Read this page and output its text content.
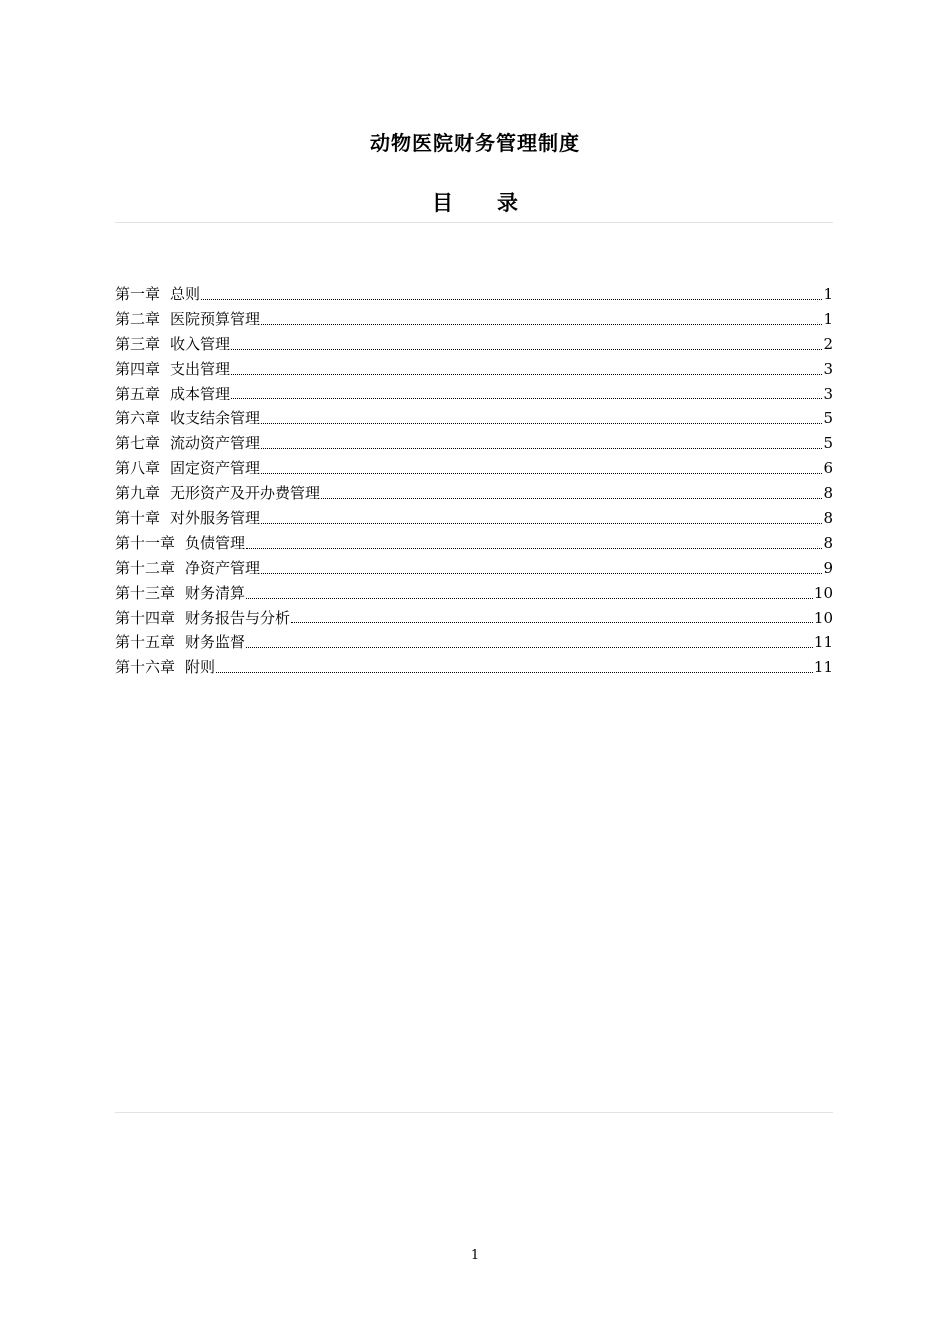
动物医院财务管理制度
目 录
第一章 总则	1
第二章 医院预算管理	1
第三章 收入管理	2
第四章 支出管理	3
第五章 成本管理	3
第六章 收支结余管理	5
第七章 流动资产管理	5
第八章 固定资产管理	6
第九章 无形资产及开办费管理	8
第十章 对外服务管理	8
第十一章 负债管理	8
第十二章 净资产管理	9
第十三章 财务清算	10
第十四章 财务报告与分析	10
第十五章 财务监督	11
第十六章 附则	11
1
